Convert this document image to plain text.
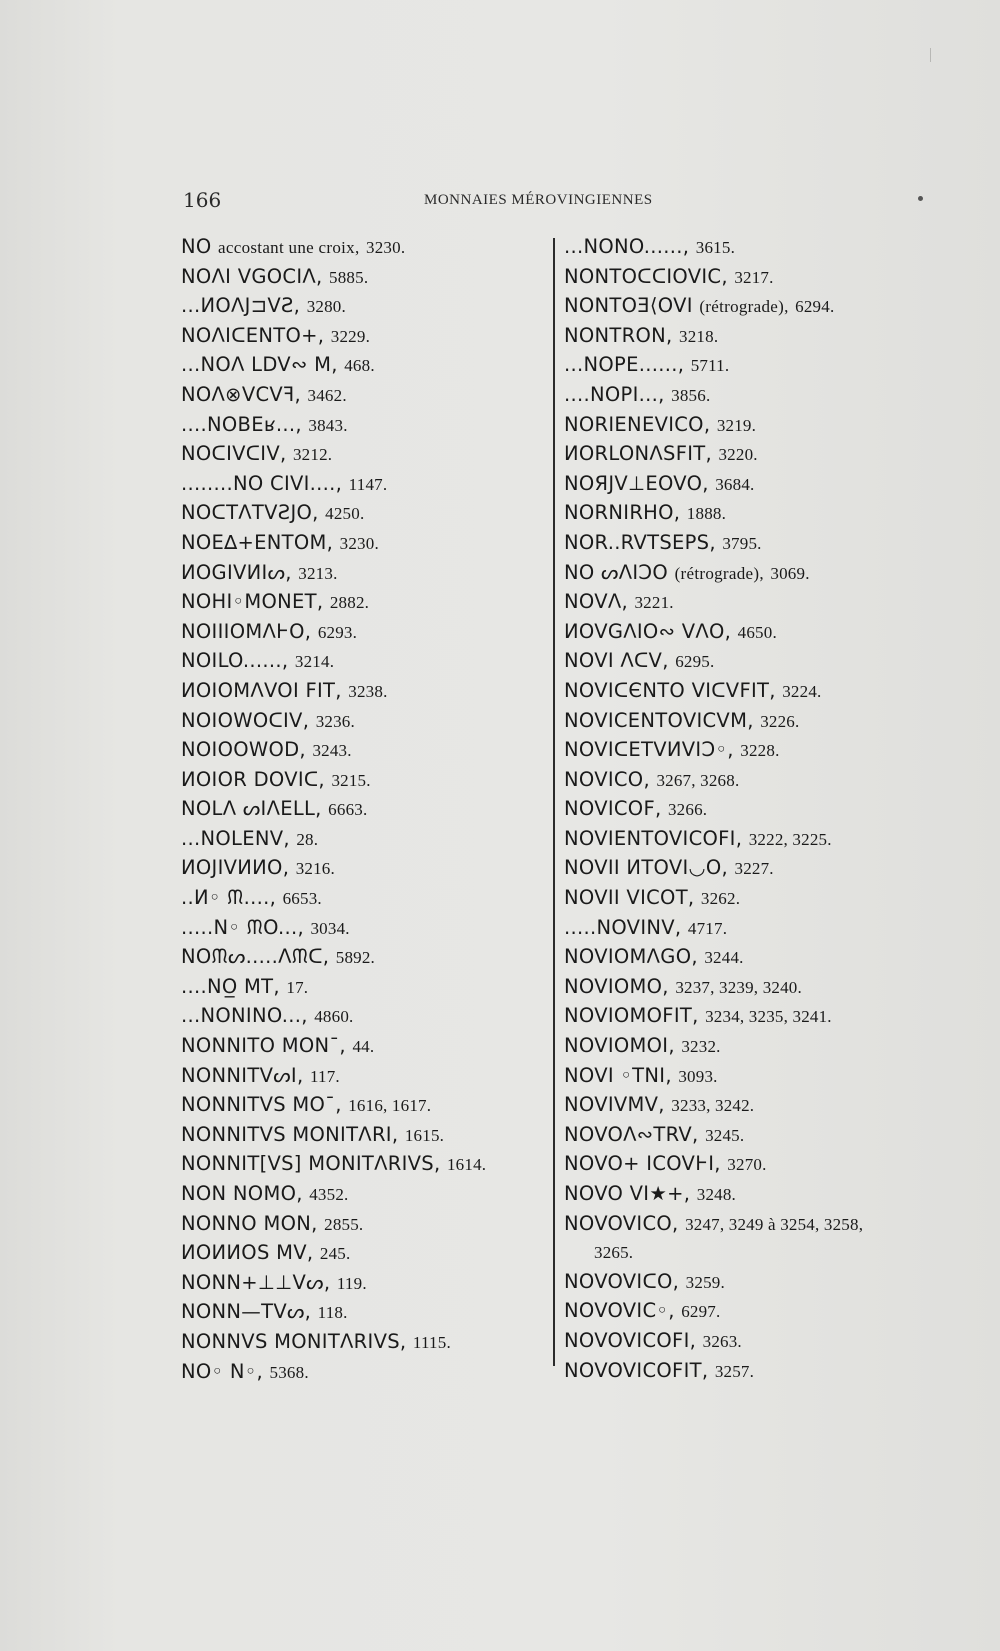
166	MONNAIES MÉROVINGIENNES
NO accostant une croix, 3230.
NOΛI VGOCIΛ, 5885.
...ИOΛJ⊐VƧ, 3280.
NOΛIᑕENTO+, 3229.
...NOΛ LDV∾ M, 468.
NOΛ⊗VCVꟻ, 3462.
....NOBEʁ..., 3843.
NOᑕIVᑕIV, 3212.
........NO CIVI...., 1147.
NOᑕTΛTVƧJO, 4250.
NOE∆+ENTOM, 3230.
ИOGIVИIᔕ, 3213.
NOHI◦MONET, 2882.
NOIIIOMΛⱵO, 6293.
NOILO......, 3214.
ИOIOMΛVOI FIT, 3238.
NOIOWOᑕIV, 3236.
NOIOOWOD, 3243.
ИOIOR DOVIᑕ, 3215.
NOLΛ ᔕIΛELL, 6663.
...NOLENV, 28.
ИOJIVИИO, 3216.
..И◦ ᙏ...., 6653.
.....N◦ ᙏO..., 3034.
NOᙏᔕ.....Λᙏᑕ, 5892.
....NO̲ MT, 17.
...NONINO..., 4860.
NONNITO MON¯, 44.
NONNITVᔕI, 117.
NONNITVS MO¯, 1616, 1617.
NONNITVS MONITΛRI, 1615.
NONNIT[VS] MONITΛRIVS, 1614.
NON NOMO, 4352.
NONNO MON, 2855.
ИOИИOS MV, 245.
NONN+⊥⊥Vᔕ, 119.
NONN—TVᔕ, 118.
NONNVS MONITΛRIVS, 1115.
NO◦ N◦, 5368.
...NONO......, 3615.
NONTOᑕᑕIOVIC, 3217.
NONTOƎ⟨OVI (rétrograde), 6294.
NONTRON, 3218.
...NOPE......, 5711.
....NOPI..., 3856.
NORIENEVICO, 3219.
ИORLONΛSFIT, 3220.
NOЯJV⊥EOVO, 3684.
NORNIRHO, 1888.
NOR..RVTSEPS, 3795.
NO ᔕΛIƆO (rétrograde), 3069.
NOVΛ, 3221.
ИOVGΛIO∾ VΛO, 4650.
NOVI ΛᑕV, 6295.
NOVIᑕЄNTO VIᑕVFIT, 3224.
NOVICENTOVICVM, 3226.
NOVIᑕETVИVIƆ◦, 3228.
NOVICO, 3267, 3268.
NOVICOF, 3266.
NOVIENTOVICOFI, 3222, 3225.
NOVII ИTOVI◡O, 3227.
NOVII VICOT, 3262.
.....NOVINV, 4717.
NOVIOMΛGO, 3244.
NOVIOMO, 3237, 3239, 3240.
NOVIOMOFIT, 3234, 3235, 3241.
NOVIOMOI, 3232.
NOVI ◦TNI, 3093.
NOVIVMV, 3233, 3242.
NOVOΛ∾TRV, 3245.
NOVO+ ICOVⱵI, 3270.
NOVO VI★+, 3248.
NOVOVICO, 3247, 3249 à 3254, 3258,
3265.
NOVOVIᑕO, 3259.
NOVOVIC◦, 6297.
NOVOVICOFI, 3263.
NOVOVICOFIT, 3257.
